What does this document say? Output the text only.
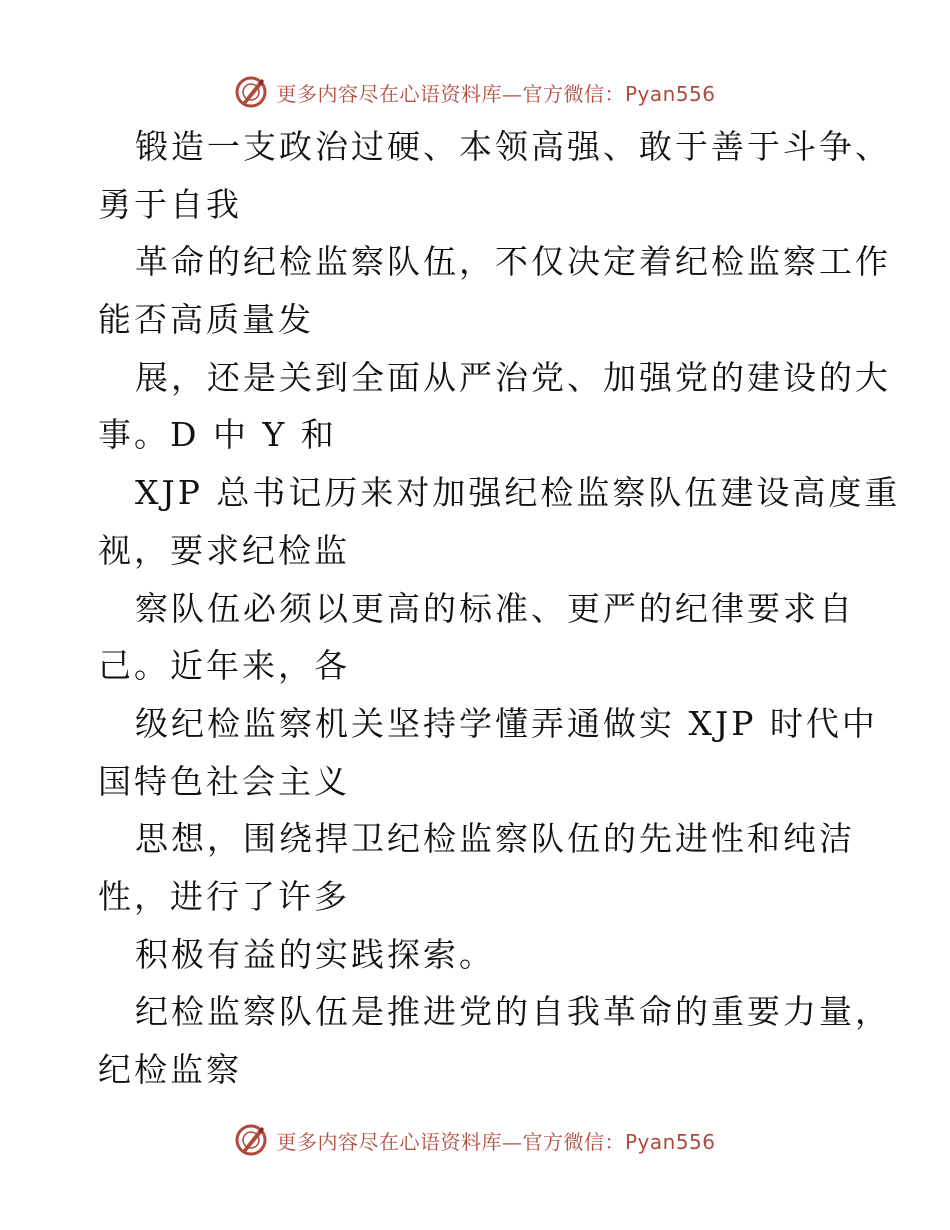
更多内容尽在心语资料库—官方微信：Pyan556
锻造一支政治过硬、本领高强、敢于善于斗争、
勇于自我
革命的纪检监察队伍，不仅决定着纪检监察工作
能否高质量发
展，还是关到全面从严治党、加强党的建设的大
事。D 中 Y 和
XJP 总书记历来对加强纪检监察队伍建设高度重
视，要求纪检监
察队伍必须以更高的标准、更严的纪律要求自
己。近年来，各
级纪检监察机关坚持学懂弄通做实 XJP 时代中
国特色社会主义
思想，围绕捍卫纪检监察队伍的先进性和纯洁
性，进行了许多
积极有益的实践探索。
纪检监察队伍是推进党的自我革命的重要力量，
纪检监察
更多内容尽在心语资料库—官方微信：Pyan556
